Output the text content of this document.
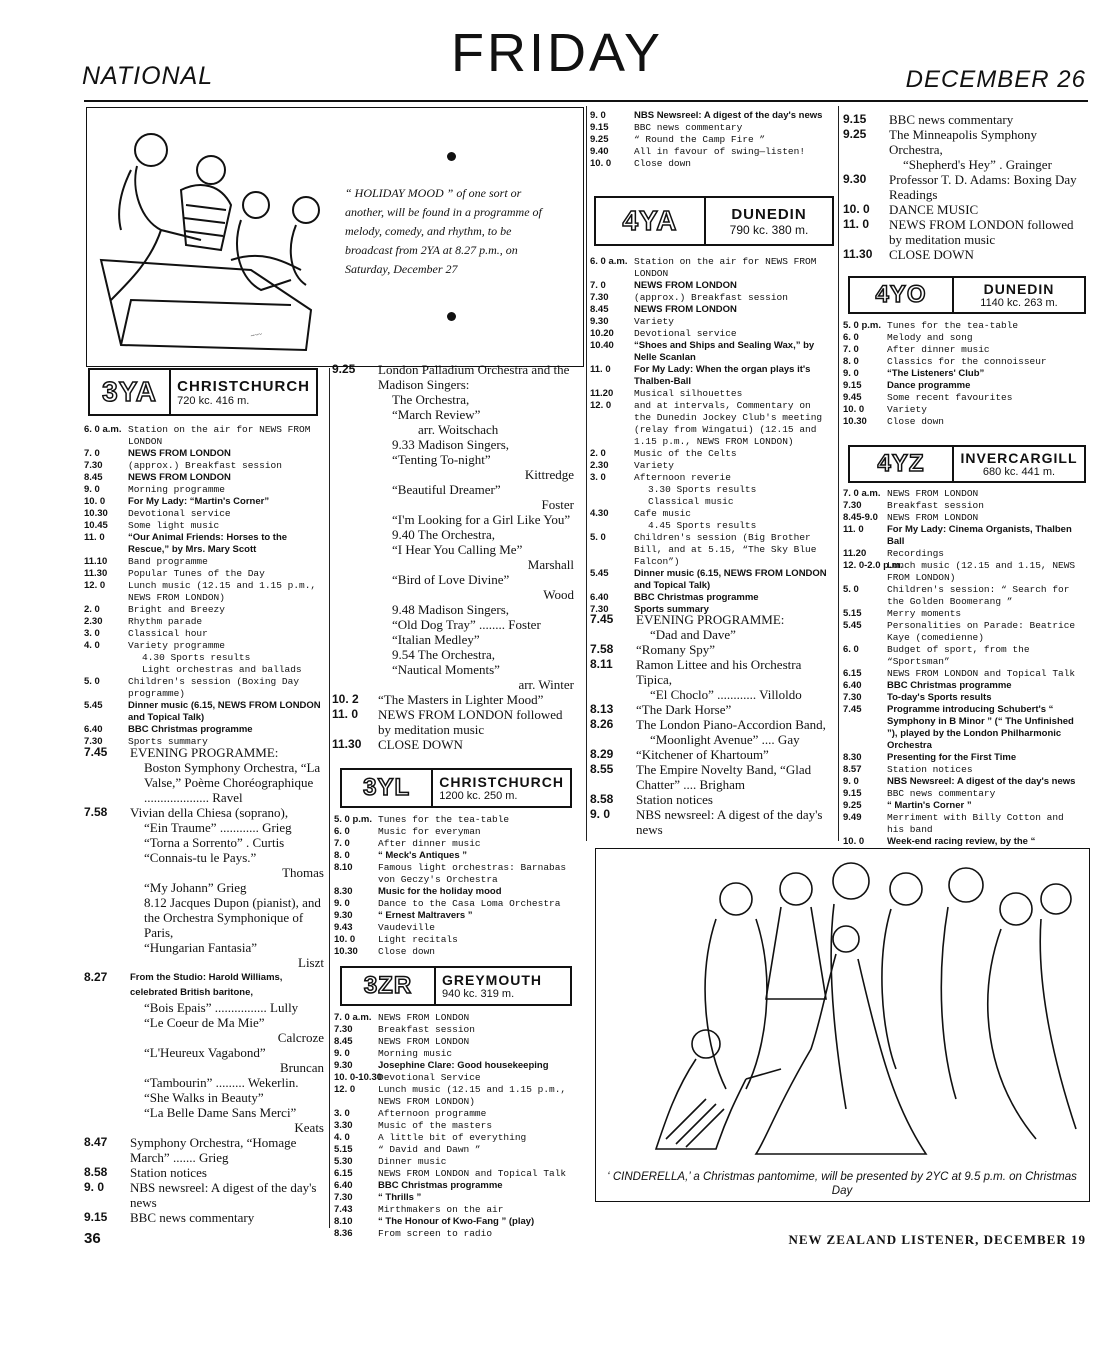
NATIONAL	FRIDAY	DECEMBER 26
~~~
“ HOLIDAY MOOD ” of one sort or another, will be found in a programme of melody, comedy, and rhythm, to be broadcast from 2YA at 8.27 p.m., on Saturday, December 27
3YA	CHRISTCHURCH
720 kc. 416 m.
6. 0 a.m. Station on the air for NEWS FROM LONDON
7. 0	NEWS FROM LONDON
7.30	(approx.) Breakfast session
8.45	NEWS FROM LONDON
9. 0	Morning programme
10. 0 For My Lady: “Martin's Corner”
10.30 Devotional service
10.45 Some light music
11. 0 “Our Animal Friends: Horses to the Rescue,” by Mrs. Mary Scott
11.10 Band programme
11.30 Popular Tunes of the Day
12. 0 Lunch music (12.15 and 1.15 p.m., NEWS FROM LONDON)
2. 0	Bright and Breezy
2.30	Rhythm parade
3. 0	Classical hour
4. 0	Variety programme
4.30 Sports results
Light orchestras and ballads
5. 0	Children's session (Boxing Day programme)
5.45	Dinner music (6.15, NEWS FROM LONDON and Topical Talk)
6.40	BBC Christmas programme
7.30	Sports summary
7.45 EVENING PROGRAMME:
Boston Symphony Orchestra, “La Valse,” Poème Choréographique .................... Ravel
7.58 Vivian della Chiesa (soprano),
“Ein Traume” ............ Grieg
“Torna a Sorrento” . Curtis
“Connais-tu le Pays.”
Thomas
“My Johann” Grieg
8.12 Jacques Dupon (pianist), and the Orchestra Symphonique of Paris,
“Hungarian Fantasia”
Liszt
8.27 From the Studio: Harold Williams, celebrated British baritone,
“Bois Epais” ................ Lully
“Le Coeur de Ma Mie”
Calcroze
“L'Heureux Vagabond”
Bruncan
“Tambourin” ......... Wekerlin.
“She Walks in Beauty”
“La Belle Dame Sans Merci”
Keats
8.47 Symphony Orchestra, “Homage March” ....... Grieg
8.58 Station notices
9. 0 NBS newsreel: A digest of the day's news
9.15 BBC news commentary
9.25 London Palladium Orchestra and the Madison Singers:
The Orchestra,
“March Review”
arr. Woitschach
9.33 Madison Singers,
“Tenting To-night”
Kittredge
“Beautiful Dreamer”
Foster
“I'm Looking for a Girl Like You”
9.40 The Orchestra,
“I Hear You Calling Me”
Marshall
“Bird of Love Divine”
Wood
9.48 Madison Singers,
“Old Dog Tray” ........ Foster
“Italian Medley”
9.54 The Orchestra,
“Nautical Moments”
arr. Winter
10. 2 “The Masters in Lighter Mood”
11. 0 NEWS FROM LONDON followed by meditation music
11.30 CLOSE DOWN
3YL	CHRISTCHURCH
1200 kc. 250 m.
5. 0 p.m. Tunes for the tea-table
6. 0	Music for everyman
7. 0	After dinner music
8. 0	“ Meck's Antiques ”
8.10	Famous light orchestras: Barnabas von Geczy's Orchestra
8.30	Music for the holiday mood
9. 0	Dance to the Casa Loma Orchestra
9.30	“ Ernest Maltravers ”
9.43	Vaudeville
10. 0 Light recitals
10.30 Close down
3ZR	GREYMOUTH
940 kc. 319 m.
7. 0 a.m. NEWS FROM LONDON
7.30	Breakfast session
8.45	NEWS FROM LONDON
9. 0	Morning music
9.30	Josephine Clare: Good housekeeping
10. 0-10.30
Devotional Service
12. 0 Lunch music (12.15 and 1.15 p.m., NEWS FROM LONDON)
3. 0	Afternoon programme
3.30	Music of the masters
4. 0	A little bit of everything
5.15	“ David and Dawn ”
5.30	Dinner music
6.15	NEWS FROM LONDON and Topical Talk
6.40	BBC Christmas programme
7.30	“ Thrills ”
7.43	Mirthmakers on the air
8.10	“ The Honour of Kwo-Fang ” (play)
8.36	From screen to radio
9. 0	NBS Newsreel: A digest of the day's news
9.15	BBC news commentary
9.25	“ Round the Camp Fire ”
9.40	All in favour of swing—listen!
10. 0 Close down
4YA	DUNEDIN
790 kc. 380 m.
6. 0 a.m. Station on the air for NEWS FROM LONDON
7. 0	NEWS FROM LONDON
7.30	(approx.) Breakfast session
8.45	NEWS FROM LONDON
9.30	Variety
10.20 Devotional service
10.40 “Shoes and Ships and Sealing Wax,” by Nelle Scanlan
11. 0 For My Lady: When the organ plays it's Thalben-Ball
11.20 Musical silhouettes
12. 0 and at intervals, Commentary on the Dunedin Jockey Club's meeting (relay from Wingatui) (12.15 and 1.15 p.m., NEWS FROM LONDON)
2. 0	Music of the Celts
2.30	Variety
3. 0	Afternoon reverie
3.30 Sports results
Classical music
4.30	Cafe music
4.45 Sports results
5. 0	Children's session (Big Brother Bill, and at 5.15, “The Sky Blue Falcon”)
5.45	Dinner music (6.15, NEWS FROM LONDON and Topical Talk)
6.40	BBC Christmas programme
7.30	Sports summary
7.45 EVENING PROGRAMME:
“Dad and Dave”
7.58 “Romany Spy”
8.11 Ramon Littee and his Orchestra Tipica,
“El Choclo” ............ Villoldo
8.13 “The Dark Horse”
8.26 The London Piano-Accordion Band,
“Moonlight Avenue” .... Gay
8.29 “Kitchener of Khartoum”
8.55 The Empire Novelty Band, “Glad Chatter” .... Brigham
8.58 Station notices
9. 0 NBS newsreel: A digest of the day's news
9.15 BBC news commentary
9.25 The Minneapolis Symphony Orchestra,
“Shepherd's Hey” . Grainger
9.30 Professor T. D. Adams: Boxing Day Readings
10. 0 DANCE MUSIC
11. 0 NEWS FROM LONDON followed by meditation music
11.30 CLOSE DOWN
4YO	DUNEDIN
1140 kc. 263 m.
5. 0 p.m. Tunes for the tea-table
6. 0	Melody and song
7. 0	After dinner music
8. 0	Classics for the connoisseur
9. 0	“The Listeners' Club”
9.15	Dance programme
9.45	Some recent favourites
10. 0 Variety
10.30 Close down
4YZ	INVERCARGILL
680 kc. 441 m.
7. 0 a.m. NEWS FROM LONDON
7.30	Breakfast session
8.45-9.0 NEWS FROM LONDON
11. 0 For My Lady: Cinema Organists, Thalben Ball
11.20 Recordings
12. 0-2.0 p.m.
Lunch music (12.15 and 1.15, NEWS FROM LONDON)
5. 0	Children's session: “ Search for the Golden Boomerang ”
5.15	Merry moments
5.45	Personalities on Parade: Beatrice Kaye (comedienne)
6. 0	Budget of sport, from the “Sportsman”
6.15	NEWS FROM LONDON and Topical Talk
6.40	BBC Christmas programme
7.30	To-day's Sports results
7.45	Programme introducing Schubert's “ Symphony in B Minor ” (“ The Unfinished ”), played by the London Philharmonic Orchestra
8.30	Presenting for the First Time
8.57	Station notices
9. 0	NBS Newsreel: A digest of the day's news
9.15	BBC news commentary
9.25	“ Martin's Corner ”
9.49	Merriment with Billy Cotton and his band
10. 0 Week-end racing review, by the “
‘ CINDERELLA,’ a Christmas pantomime, will be presented by 2YC at 9.5 p.m. on Christmas Day
36	NEW ZEALAND LISTENER, DECEMBER 19
